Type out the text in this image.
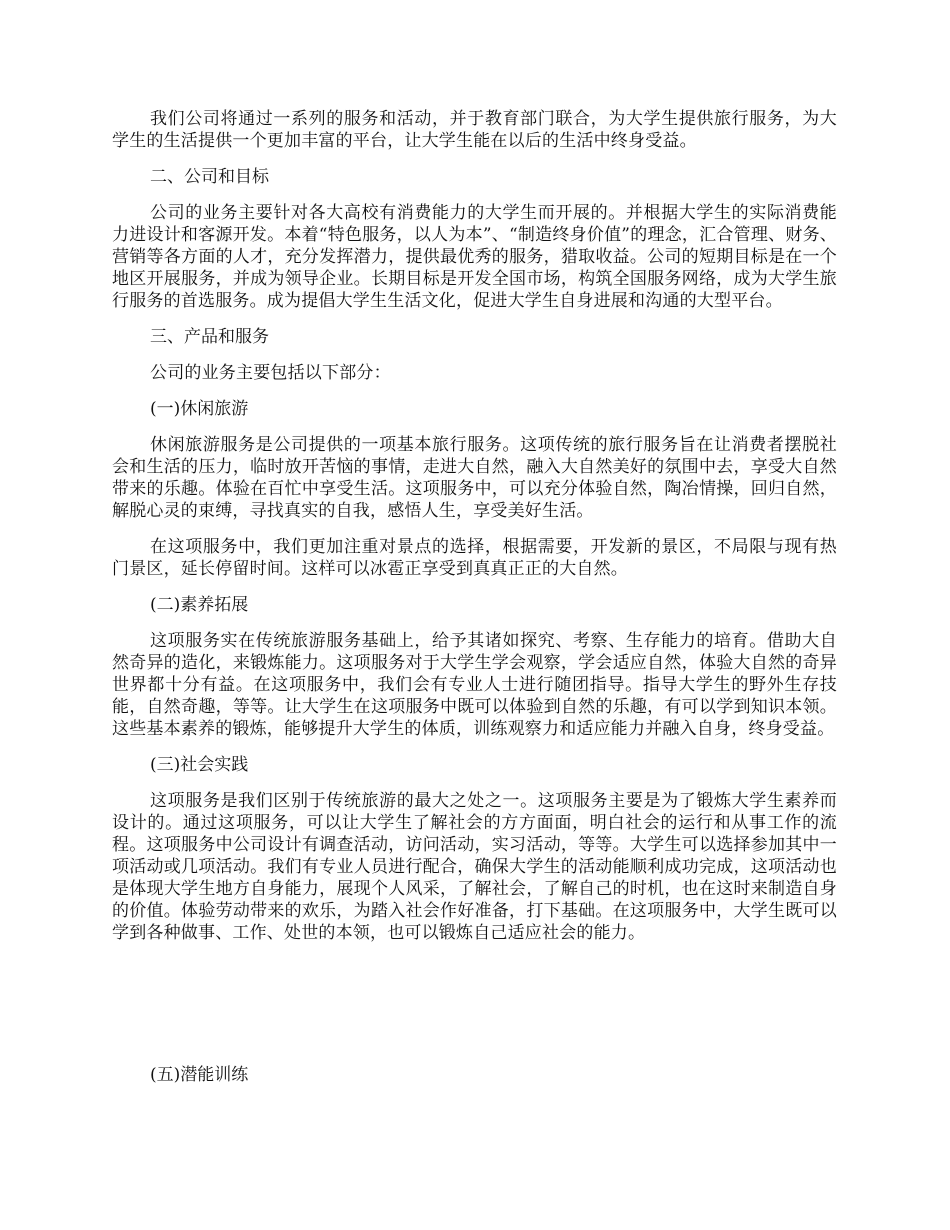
我们公司将通过一系列的服务和活动，并于教育部门联合，为大学生提供旅行服务，为大学生的生活提供一个更加丰富的平台，让大学生能在以后的生活中终身受益。

二、公司和目标

公司的业务主要针对各大高校有消费能力的大学生而开展的。并根据大学生的实际消费能力进设计和客源开发。本着“特色服务，以人为本”、“制造终身价值”的理念，汇合管理、财务、营销等各方面的人才，充分发挥潜力，提供最优秀的服务，猎取收益。公司的短期目标是在一个地区开展服务，并成为领导企业。长期目标是开发全国市场，构筑全国服务网络，成为大学生旅行服务的首选服务。成为提倡大学生生活文化，促进大学生自身进展和沟通的大型平台。

三、产品和服务

公司的业务主要包括以下部分：

(一)休闲旅游

休闲旅游服务是公司提供的一项基本旅行服务。这项传统的旅行服务旨在让消费者摆脱社会和生活的压力，临时放开苦恼的事情，走进大自然，融入大自然美好的氛围中去，享受大自然带来的乐趣。体验在百忙中享受生活。这项服务中，可以充分体验自然，陶冶情操，回归自然，解脱心灵的束缚，寻找真实的自我，感悟人生，享受美好生活。

在这项服务中，我们更加注重对景点的选择，根据需要，开发新的景区，不局限与现有热门景区，延长停留时间。这样可以冰雹正享受到真真正正的大自然。

(二)素养拓展

这项服务实在传统旅游服务基础上，给予其诸如探究、考察、生存能力的培育。借助大自然奇异的造化，来锻炼能力。这项服务对于大学生学会观察，学会适应自然，体验大自然的奇异世界都十分有益。在这项服务中，我们会有专业人士进行随团指导。指导大学生的野外生存技能，自然奇趣，等等。让大学生在这项服务中既可以体验到自然的乐趣，有可以学到知识本领。这些基本素养的锻炼，能够提升大学生的体质，训练观察力和适应能力并融入自身，终身受益。

(三)社会实践

这项服务是我们区别于传统旅游的最大之处之一。这项服务主要是为了锻炼大学生素养而设计的。通过这项服务，可以让大学生了解社会的方方面面，明白社会的运行和从事工作的流程。这项服务中公司设计有调查活动，访问活动，实习活动，等等。大学生可以选择参加其中一项活动或几项活动。我们有专业人员进行配合，确保大学生的活动能顺利成功完成，这项活动也是体现大学生地方自身能力，展现个人风采，了解社会，了解自己的时机，也在这时来制造自身的价值。体验劳动带来的欢乐，为踏入社会作好准备，打下基础。在这项服务中，大学生既可以学到各种做事、工作、处世的本领，也可以锻炼自己适应社会的能力。

(五)潜能训练
